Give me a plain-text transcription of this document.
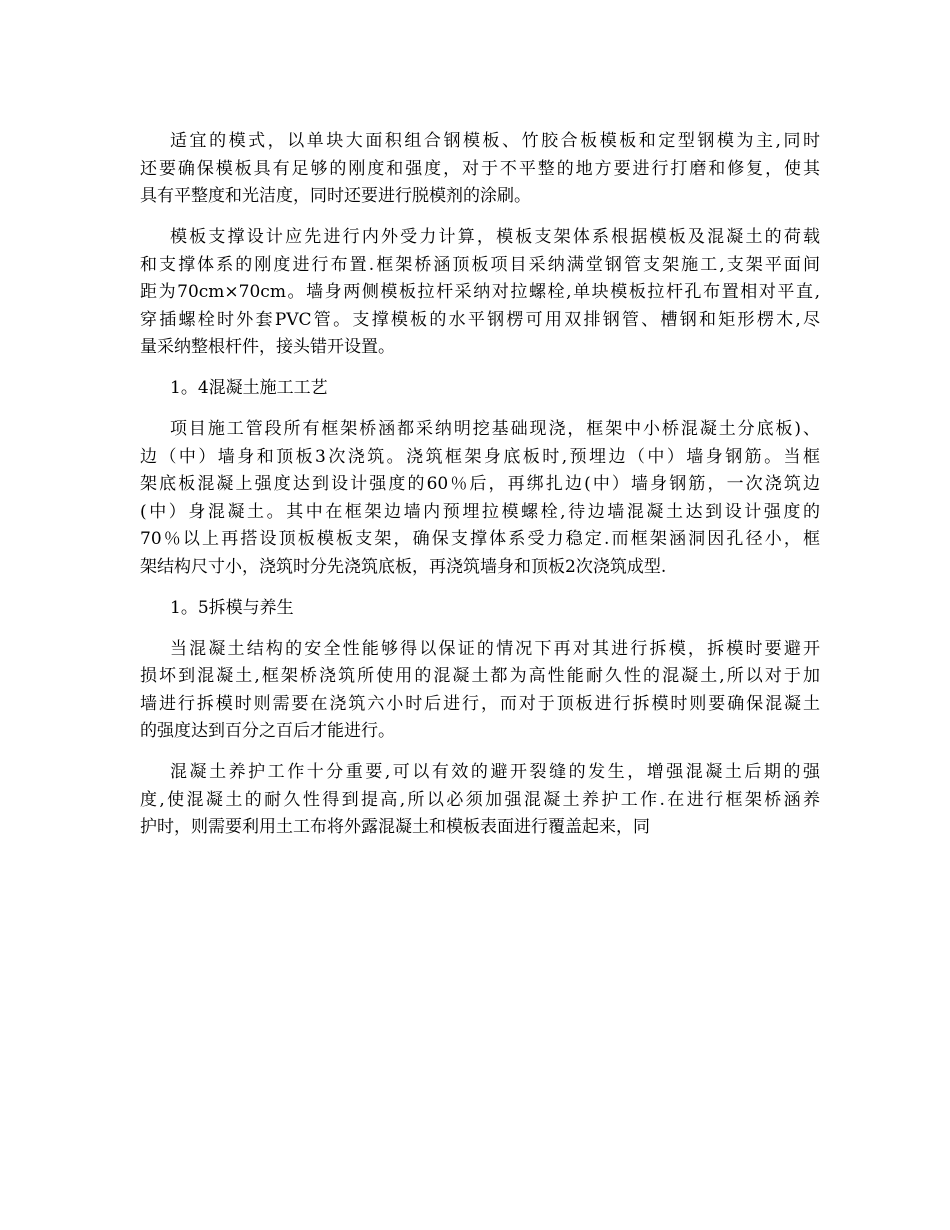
适宜的模式，以单块大面积组合钢模板、竹胶合板模板和定型钢模为主,同时
还要确保模板具有足够的刚度和强度，对于不平整的地方要进行打磨和修复，使其
具有平整度和光洁度，同时还要进行脱模剂的涂刷。
模板支撑设计应先进行内外受力计算，模板支架体系根据模板及混凝土的荷载
和支撑体系的刚度进行布置.框架桥涵顶板项目采纳满堂钢管支架施工,支架平面间
距为70cm×70cm。墙身两侧模板拉杆采纳对拉螺栓,单块模板拉杆孔布置相对平直,
穿插螺栓时外套PVC管。支撑模板的水平钢楞可用双排钢管、槽钢和矩形楞木,尽
量采纳整根杆件，接头错开设置。
1。4混凝土施工工艺
项目施工管段所有框架桥涵都采纳明挖基础现浇，框架中小桥混凝土分底板)、
边（中）墙身和顶板3次浇筑。浇筑框架身底板时,预埋边（中）墙身钢筋。当框
架底板混凝上强度达到设计强度的60％后，再绑扎边(中）墙身钢筋，一次浇筑边
(中）身混凝土。其中在框架边墙内预埋拉模螺栓,待边墙混凝土达到设计强度的
70％以上再搭设顶板模板支架，确保支撑体系受力稳定.而框架涵洞因孔径小，框
架结构尺寸小，浇筑时分先浇筑底板，再浇筑墙身和顶板2次浇筑成型.
1。5拆模与养生
当混凝土结构的安全性能够得以保证的情况下再对其进行拆模，拆模时要避开
损坏到混凝土,框架桥浇筑所使用的混凝土都为高性能耐久性的混凝土,所以对于加
墙进行拆模时则需要在浇筑六小时后进行，而对于顶板进行拆模时则要确保混凝土
的强度达到百分之百后才能进行。
混凝土养护工作十分重要,可以有效的避开裂缝的发生，增强混凝土后期的强
度,使混凝土的耐久性得到提高,所以必须加强混凝土养护工作.在进行框架桥涵养
护时，则需要利用土工布将外露混凝土和模板表面进行覆盖起来，同
